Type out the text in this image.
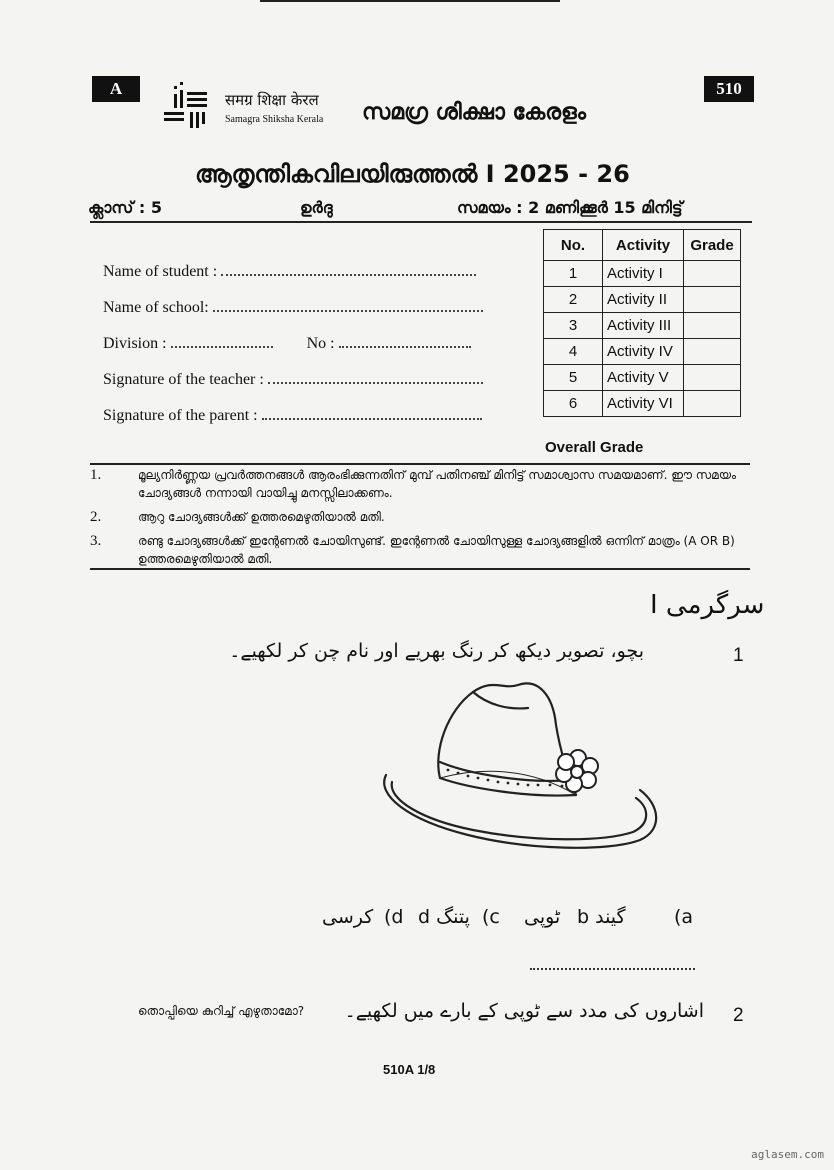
A	510
समग्र शिक्षा केरल
Samagra Shiksha Kerala സമഗ്ര ശിക്ഷാ കേരളം
ആതൃന്തികവിലയിരുത്തൽ I 2025 - 26
ക്ലാസ് : 5	ഉർദു	സമയം : 2 മണിക്കൂർ 15 മിനിട്ട്
Name of student :
Name of school:
Division :	No :
Signature of the teacher :
Signature of the parent :
No.	Activity	Grade
1	Activity I	
2	Activity II	
3	Activity III	
4	Activity IV	
5	Activity V	
6	Activity VI	
Overall Grade
1.	മൂല്യനിർണ്ണയ പ്രവർത്തനങ്ങൾ ആരംഭിക്കുന്നതിന് മുമ്പ് പതിനഞ്ച് മിനിട്ട് സമാശ്വാസ സമയമാണ്. ഈ സമയം ചോദ്യങ്ങൾ നന്നായി വായിച്ചു മനസ്സിലാക്കണം.
2.	ആറു ചോദ്യങ്ങൾക്ക് ഉത്തരമെഴുതിയാൽ മതി.
3.	രണ്ടു ചോദ്യങ്ങൾക്ക് ഇന്റേണൽ ചോയിസുണ്ട്. ഇന്റേണൽ ചോയിസുള്ള ചോദ്യങ്ങളിൽ ഒന്നിന് മാത്രം (A OR B) ഉത്തരമെഴുതിയാൽ മതി.
سرگرمی I
1
بچو، تصویر دیکھ کر رنگ بھریے اور نام چن کر لکھیے۔
(a
گیند b
(c ٹوپی
(d پتنگ d
کرسی
2
اشاروں کی مدد سے ٹوپی کے بارے میں لکھیے۔
തൊപ്പിയെ കുറിച്ച് എഴുതാമോ?
510A 1/8
aglasem.com
